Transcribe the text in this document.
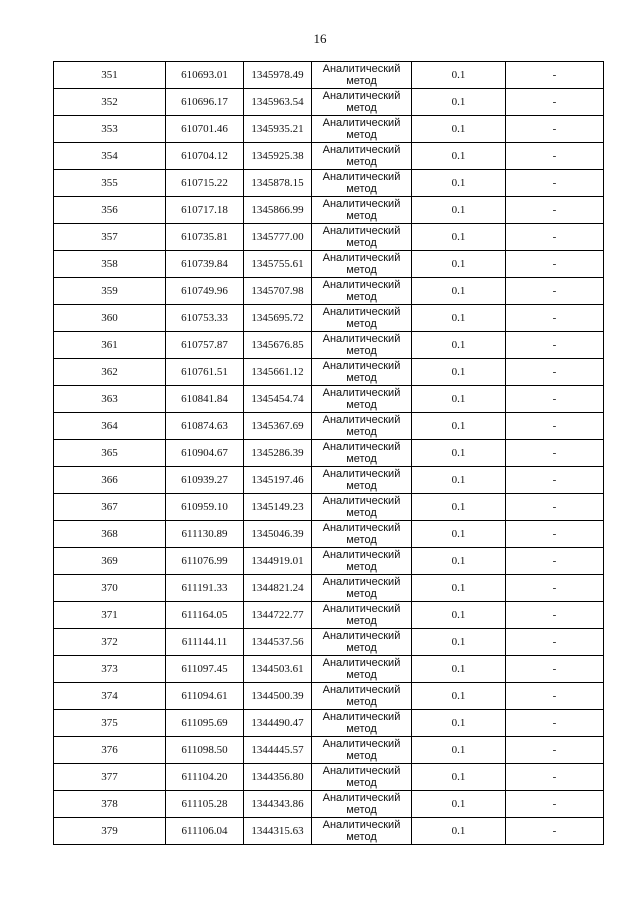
16
351	610693.01	1345978.49	Аналитический метод	0.1	-
352	610696.17	1345963.54	Аналитический метод	0.1	-
353	610701.46	1345935.21	Аналитический метод	0.1	-
354	610704.12	1345925.38	Аналитический метод	0.1	-
355	610715.22	1345878.15	Аналитический метод	0.1	-
356	610717.18	1345866.99	Аналитический метод	0.1	-
357	610735.81	1345777.00	Аналитический метод	0.1	-
358	610739.84	1345755.61	Аналитический метод	0.1	-
359	610749.96	1345707.98	Аналитический метод	0.1	-
360	610753.33	1345695.72	Аналитический метод	0.1	-
361	610757.87	1345676.85	Аналитический метод	0.1	-
362	610761.51	1345661.12	Аналитический метод	0.1	-
363	610841.84	1345454.74	Аналитический метод	0.1	-
364	610874.63	1345367.69	Аналитический метод	0.1	-
365	610904.67	1345286.39	Аналитический метод	0.1	-
366	610939.27	1345197.46	Аналитический метод	0.1	-
367	610959.10	1345149.23	Аналитический метод	0.1	-
368	611130.89	1345046.39	Аналитический метод	0.1	-
369	611076.99	1344919.01	Аналитический метод	0.1	-
370	611191.33	1344821.24	Аналитический метод	0.1	-
371	611164.05	1344722.77	Аналитический метод	0.1	-
372	611144.11	1344537.56	Аналитический метод	0.1	-
373	611097.45	1344503.61	Аналитический метод	0.1	-
374	611094.61	1344500.39	Аналитический метод	0.1	-
375	611095.69	1344490.47	Аналитический метод	0.1	-
376	611098.50	1344445.57	Аналитический метод	0.1	-
377	611104.20	1344356.80	Аналитический метод	0.1	-
378	611105.28	1344343.86	Аналитический метод	0.1	-
379	611106.04	1344315.63	Аналитический метод	0.1	-
